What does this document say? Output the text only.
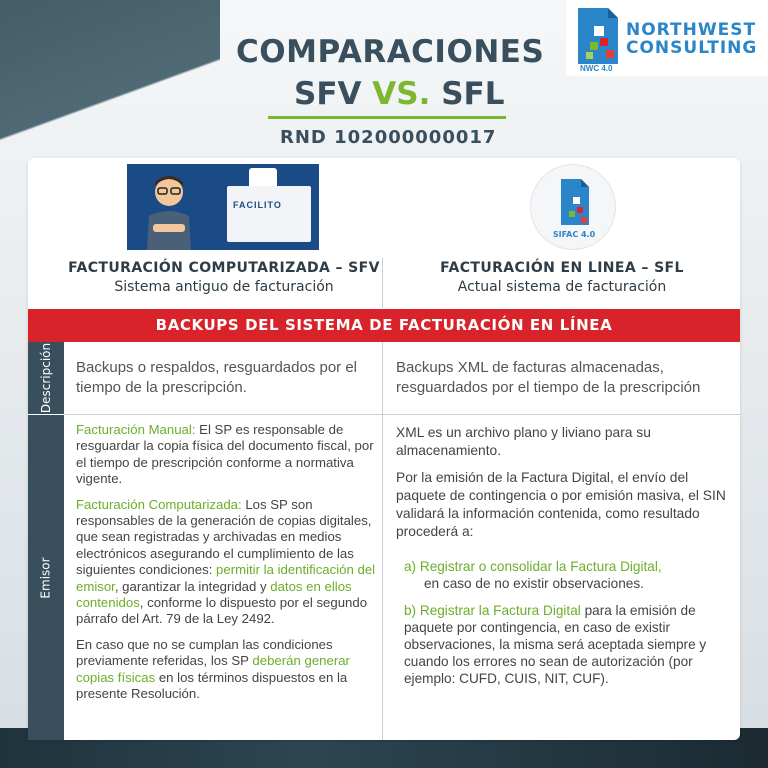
COMPARACIONES
SFV VS. SFL
RND 102000000017
NORTHWEST
CONSULTING
NWC 4.0
FACILITO
SIFAC 4.0
FACTURACIÓN COMPUTARIZADA – SFV
Sistema antiguo de facturación
FACTURACIÓN EN LINEA – SFL
Actual sistema de facturación
BACKUPS DEL SISTEMA DE FACTURACIÓN EN LÍNEA
Descripción Backups o respaldos, resguardados por el tiempo de la prescripción.
Backups XML de facturas almacenadas, resguardados por el tiempo de la prescripción
Emisor

Facturación Manual: El SP es responsable de resguardar la copia física del documento fiscal, por el tiempo de prescripción conforme a normativa vigente.

Facturación Computarizada: Los SP son responsables de la generación de copias digitales, que sean registradas y archivadas en medios electrónicos asegurando el cumplimiento de las siguientes condiciones: permitir la identificación del emisor, garantizar la integridad y datos en ellos contenidos, conforme lo dispuesto por el segundo párrafo del Art. 79 de la Ley 2492.

En caso que no se cumplan las condiciones previamente referidas, los SP deberán generar copias físicas en los términos dispuestos en la presente Resolución.

XML es un archivo plano y liviano para su almacenamiento.

Por la emisión de la Factura Digital, el envío del paquete de contingencia o por emisión masiva, el SIN validará la información contenida, como resultado procederá a:

a) Registrar o consolidar la Factura Digital,
en caso de no existir observaciones.
b) Registrar la Factura Digital para la emisión de paquete por contingencia, en caso de existir observaciones, la misma será aceptada siempre y cuando los errores no sean de autorización (por ejemplo: CUFD, CUIS, NIT, CUF).
